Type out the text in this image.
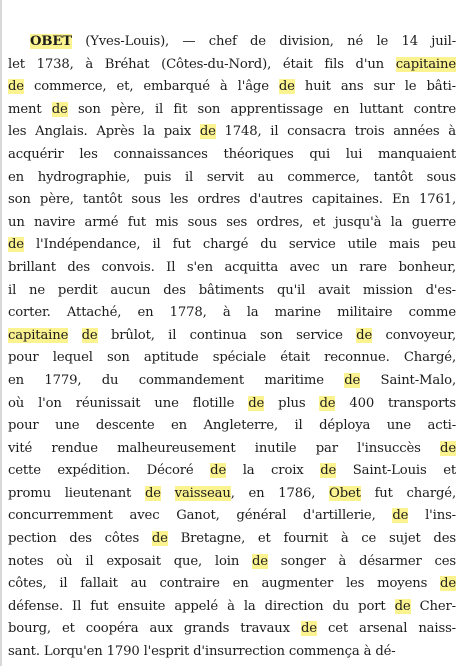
OBET (Yves-Louis), — chef de division, né le 14 juil-
let 1738, à Bréhat (Côtes-du-Nord), était fils d'un capitaine
de commerce, et, embarqué à l'âge de huit ans sur le bâti-
ment de son père, il fit son apprentissage en luttant contre
les Anglais. Après la paix de 1748, il consacra trois années à
acquérir les connaissances théoriques qui lui manquaient
en hydrographie, puis il servit au commerce, tantôt sous
son père, tantôt sous les ordres d'autres capitaines. En 1761,
un navire armé fut mis sous ses ordres, et jusqu'à la guerre
de l'Indépendance, il fut chargé du service utile mais peu
brillant des convois. Il s'en acquitta avec un rare bonheur,
il ne perdit aucun des bâtiments qu'il avait mission d'es-
corter. Attaché, en 1778, à la marine militaire comme
capitaine de brûlot, il continua son service de convoyeur,
pour lequel son aptitude spéciale était reconnue. Chargé,
en 1779, du commandement maritime de Saint-Malo,
où l'on réunissait une flotille de plus de 400 transports
pour une descente en Angleterre, il déploya une acti-
vité rendue malheureusement inutile par l'insuccès de
cette expédition. Décoré de la croix de Saint-Louis et
promu lieutenant de vaisseau, en 1786, Obet fut chargé,
concurremment avec Ganot, général d'artillerie, de l'ins-
pection des côtes de Bretagne, et fournit à ce sujet des
notes où il exposait que, loin de songer à désarmer ces
côtes, il fallait au contraire en augmenter les moyens de
défense. Il fut ensuite appelé à la direction du port de Cher-
bourg, et coopéra aux grands travaux de cet arsenal naiss-
sant. Lorqu'en 1790 l'esprit d'insurrection commença à dé-
